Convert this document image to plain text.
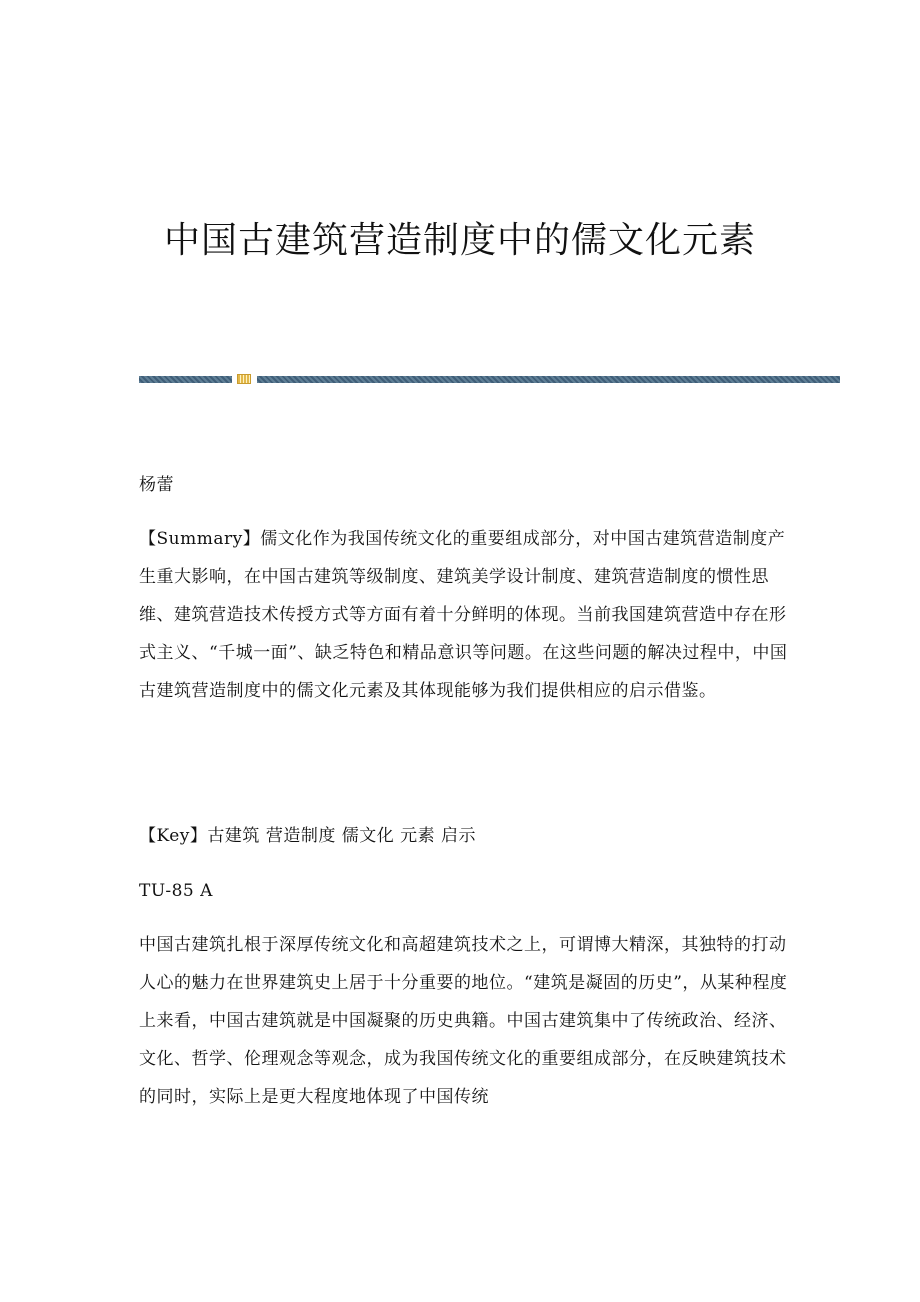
中国古建筑营造制度中的儒文化元素

杨蕾

【Summary】儒文化作为我国传统文化的重要组成部分，对中国古建筑营造制度产生重大影响，在中国古建筑等级制度、建筑美学设计制度、建筑营造制度的惯性思维、建筑营造技术传授方式等方面有着十分鲜明的体现。当前我国建筑营造中存在形式主义、“千城一面”、缺乏特色和精品意识等问题。在这些问题的解决过程中，中国古建筑营造制度中的儒文化元素及其体现能够为我们提供相应的启示借鉴。

【Key】古建筑 营造制度 儒文化 元素 启示

TU-85 A

中国古建筑扎根于深厚传统文化和高超建筑技术之上，可谓博大精深，其独特的打动人心的魅力在世界建筑史上居于十分重要的地位。“建筑是凝固的历史”，从某种程度上来看，中国古建筑就是中国凝聚的历史典籍。中国古建筑集中了传统政治、经济、文化、哲学、伦理观念等观念，成为我国传统文化的重要组成部分，在反映建筑技术的同时，实际上是更大程度地体现了中国传统
